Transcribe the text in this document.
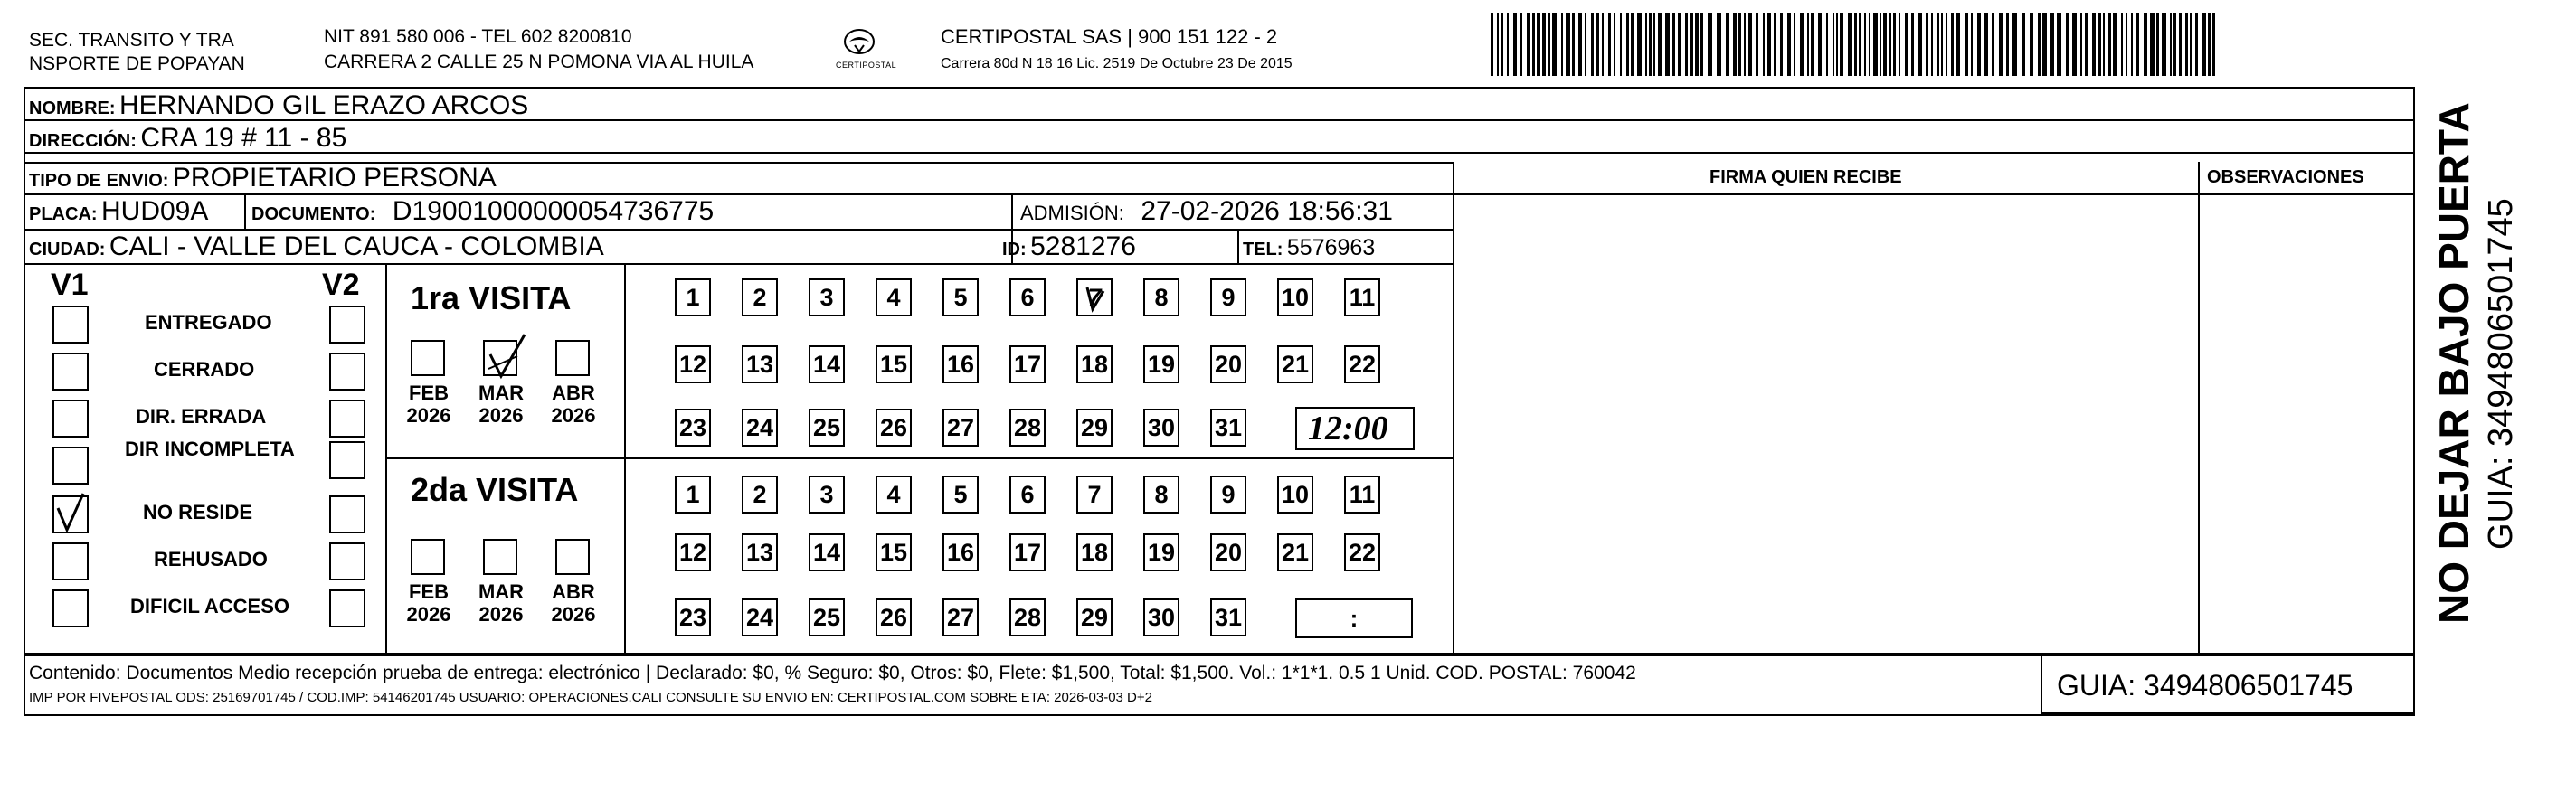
SEC. TRANSITO Y TRA
NSPORTE DE POPAYAN
NIT 891 580 006 - TEL 602 8200810
CARRERA 2 CALLE 25 N POMONA VIA AL HUILA	CERTIPOSTAL
CERTIPOSTAL SAS | 900 151 122 - 2
Carrera 80d N 18 16 Lic. 2519 De Octubre 23 De 2015
NOMBRE: HERNANDO GIL ERAZO ARCOS
DIRECCIÓN: CRA 19 # 11 - 85
TIPO DE ENVIO: PROPIETARIO PERSONA
PLACA: HUD09A DOCUMENTO: D19001000000054736775	ADMISIÓN: 27-02-2026 18:56:31
CIUDAD: CALI - VALLE DEL CAUCA - COLOMBIA	ID: 5281276	TEL: 5576963
FIRMA QUIEN RECIBE	OBSERVACIONES
V1	V2
ENTREGADO
CERRADO
DIR. ERRADA
DIR INCOMPLETA
NO RESIDE
REHUSADO
DIFICIL ACCESO
1ra VISITA
FEB
2026
MAR
2026
ABR
2026
1 2 3 4 5 6 7 8 9 10 11
12 13 14 15 16 17 18 19 20 21 22
23 24 25 26 27 28 29 30 31 12:00
2da VISITA
FEB
2026
MAR
2026
ABR
2026
1 2 3 4 5 6 7 8 9 10 11
12 13 14 15 16 17 18 19 20 21 22
23 24 25 26 27 28 29 30 31	:
Contenido: Documentos Medio recepción prueba de entrega: electrónico | Declarado: $0, % Seguro: $0, Otros: $0, Flete: $1,500, Total: $1,500. Vol.: 1*1*1. 0.5 1 Unid. COD. POSTAL: 760042
IMP POR FIVEPOSTAL ODS: 25169701745 / COD.IMP: 54146201745 USUARIO: OPERACIONES.CALI CONSULTE SU ENVIO EN: CERTIPOSTAL.COM SOBRE ETA: 2026-03-03 D+2	GUIA: 3494806501745
NO DEJAR BAJO PUERTA GUIA: 3494806501745
